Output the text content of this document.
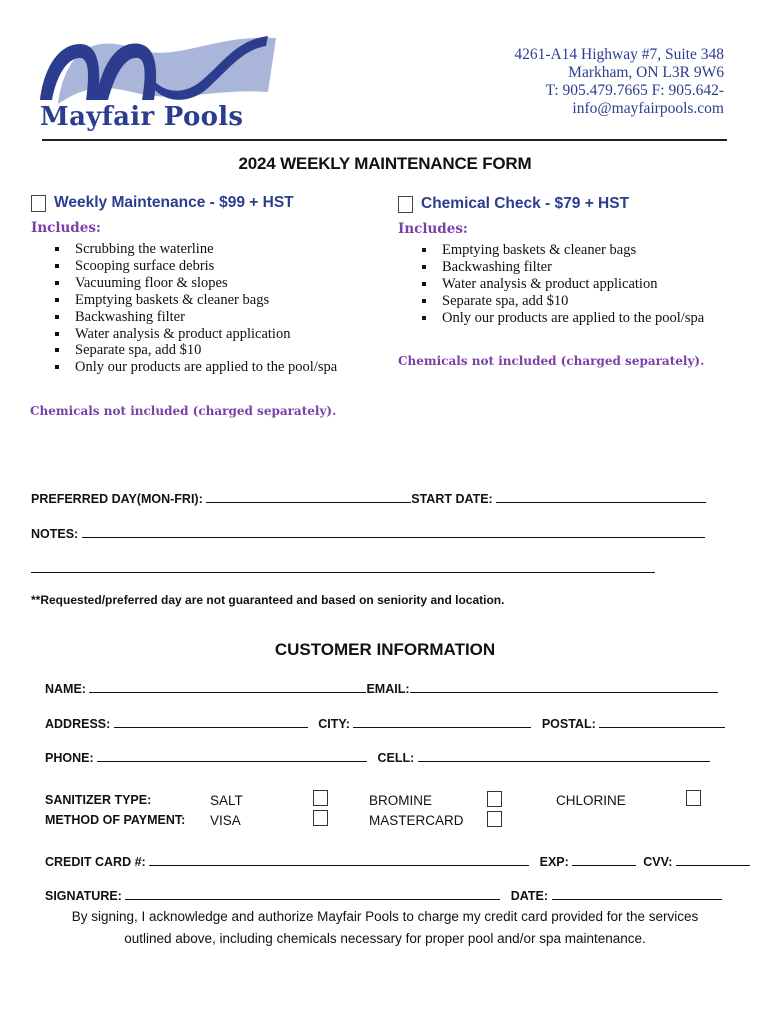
Mayfair Pools
4261-A14 Highway #7, Suite 348
Markham, ON L3R 9W6
T: 905.479.7665 F: 905.642-
info@mayfairpools.com
2024 WEEKLY MAINTENANCE FORM
Weekly Maintenance - $99 + HST
Includes:
Scrubbing the waterline
Scooping surface debris
Vacuuming floor & slopes
Emptying baskets & cleaner bags
Backwashing filter
Water analysis & product application
Separate spa, add $10
Only our products are applied to the pool/spa
Chemicals not included (charged separately).
Chemical Check - $79 + HST
Includes:
Emptying baskets & cleaner bags
Backwashing filter
Water analysis & product application
Separate spa, add $10
Only our products are applied to the pool/spa
Chemicals not included (charged separately).
PREFERRED DAY(MON-FRI):	START DATE:
NOTES:
**Requested/preferred day are not guaranteed and based on seniority and location.
CUSTOMER INFORMATION
NAME:	EMAIL:
ADDRESS:	CITY:	POSTAL:
PHONE:	CELL:
SANITIZER TYPE:	SALT	BROMINE	CHLORINE
METHOD OF PAYMENT: VISA	MASTERCARD
CREDIT CARD #:	EXP:	CVV:
SIGNATURE:	DATE:
By signing, I acknowledge and authorize Mayfair Pools to charge my credit card provided for the services
outlined above, including chemicals necessary for proper pool and/or spa maintenance.
